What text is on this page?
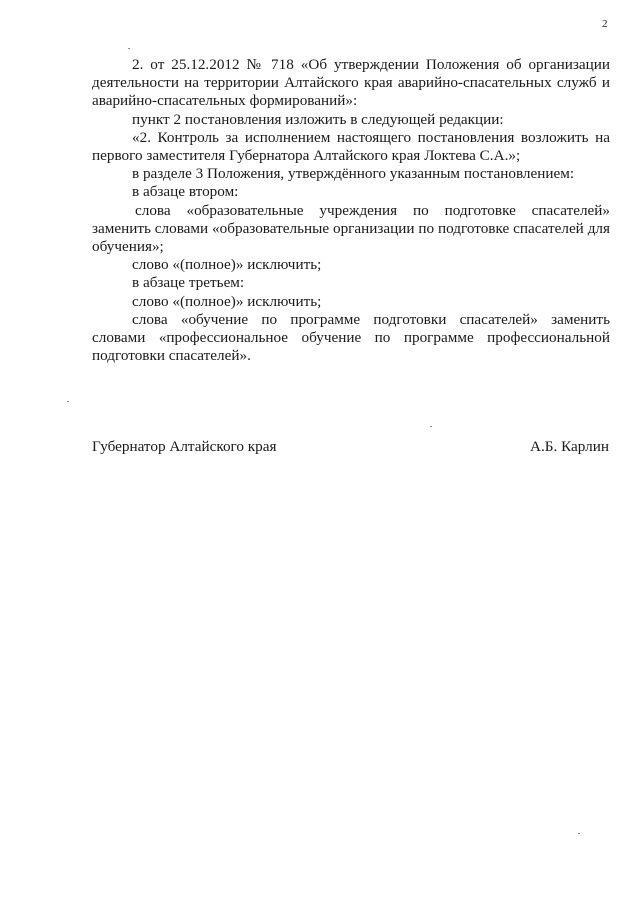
2

2. от 25.12.2012 № 718 «Об утверждении Положения об организации деятельности на территории Алтайского края аварийно-спасательных служб и аварийно-спасательных формирований»:

пункт 2 постановления изложить в следующей редакции:

«2. Контроль за исполнением настоящего постановления возложить на первого заместителя Губернатора Алтайского края Локтева С.А.»;

в разделе 3 Положения, утверждённого указанным постановлением:

в абзаце втором:

слова «образовательные учреждения по подготовке спасателей» заменить словами «образовательные организации по подготовке спасателей для обучения»;

слово «(полное)» исключить;

в абзаце третьем:

слово «(полное)» исключить;

слова «обучение по программе подготовки спасателей» заменить словами «профессиональное обучение по программе профессиональной подготовки спасателей».

Губернатор Алтайского края	А.Б. Карлин
